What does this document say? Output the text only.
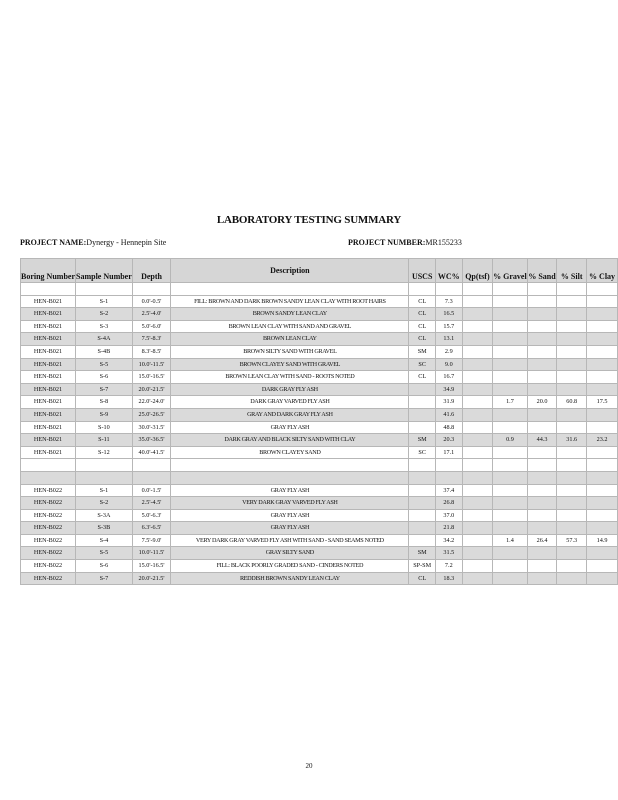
LABORATORY TESTING SUMMARY
PROJECT NAME:Dynergy - Hennepin Site	PROJECT NUMBER:MR155233
Boring Number	Sample Number	Depth	Description	USCS	WC%	Qp(tsf)	% Gravel	% Sand	% Silt	% Clay

HEN-B021	S-1	0.0'-0.5'	FILL: BROWN AND DARK BROWN SANDY LEAN CLAY WITH ROOT HAIRS	CL	7.3					
HEN-B021	S-2	2.5'-4.0'	BROWN SANDY LEAN CLAY	CL	16.5					
HEN-B021	S-3	5.0'-6.0'	BROWN LEAN CLAY WITH SAND AND GRAVEL	CL	15.7					
HEN-B021	S-4A	7.5'-8.3'	BROWN LEAN CLAY	CL	13.1					
HEN-B021	S-4B	8.3'-8.5'	BROWN SILTY SAND WITH GRAVEL	SM	2.9					
HEN-B021	S-5	10.0'-11.5'	BROWN CLAYEY SAND WITH GRAVEL	SC	9.0					
HEN-B021	S-6	15.0'-16.5'	BROWN LEAN CLAY WITH SAND - ROOTS NOTED	CL	16.7					
HEN-B021	S-7	20.0'-21.5'	DARK GRAY FLY ASH		34.9					
HEN-B021	S-8	22.0'-24.0'	DARK GRAY VARVED FLY ASH		31.9		1.7	20.0	60.8	17.5
HEN-B021	S-9	25.0'-26.5'	GRAY AND DARK GRAY FLY ASH		41.6					
HEN-B021	S-10	30.0'-31.5'	GRAY FLY ASH		48.8					
HEN-B021	S-11	35.0'-36.5'	DARK GRAY AND BLACK SILTY SAND WITH CLAY	SM	20.3		0.9	44.3	31.6	23.2
HEN-B021	S-12	40.0'-41.5'	BROWN CLAYEY SAND	SC	17.1					

HEN-B022	S-1	0.0'-1.5'	GRAY FLY ASH		37.4					
HEN-B022	S-2	2.5'-4.5'	VERY DARK GRAY VARVED FLY ASH		26.8					
HEN-B022	S-3A	5.0'-6.3'	GRAY FLY ASH		37.0					
HEN-B022	S-3B	6.3'-6.5'	GRAY FLY ASH		21.8					
HEN-B022	S-4	7.5'-9.0'	VERY DARK GRAY VARVED FLY ASH WITH SAND - SAND SEAMS NOTED		34.2		1.4	26.4	57.3	14.9
HEN-B022	S-5	10.0'-11.5'	GRAY SILTY SAND	SM	31.5					
HEN-B022	S-6	15.0'-16.5'	FILL: BLACK POORLY GRADED SAND - CINDERS NOTED	SP-SM	7.2					
HEN-B022	S-7	20.0'-21.5'	REDDISH BROWN SANDY LEAN CLAY	CL	18.3					
20
